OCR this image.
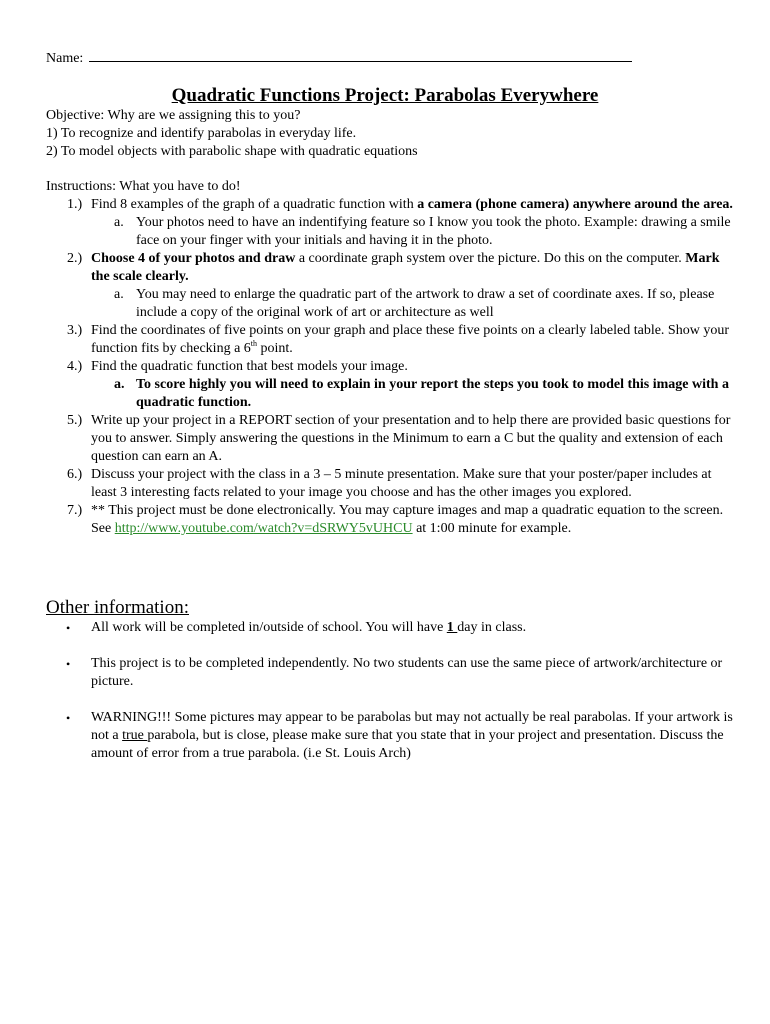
Name:
Quadratic Functions Project: Parabolas Everywhere
Objective: Why are we assigning this to you?
1) To recognize and identify parabolas in everyday life.
2) To model objects with parabolic shape with quadratic equations
Instructions: What you have to do!
1.) Find 8 examples of the graph of a quadratic function with a camera (phone camera) anywhere around the area.
a. Your photos need to have an indentifying feature so I know you took the photo. Example: drawing a smile face on your finger with your initials and having it in the photo.
2.) Choose 4 of your photos and draw a coordinate graph system over the picture. Do this on the computer. Mark the scale clearly.
a. You may need to enlarge the quadratic part of the artwork to draw a set of coordinate axes. If so, please include a copy of the original work of art or architecture as well
3.) Find the coordinates of five points on your graph and place these five points on a clearly labeled table. Show your function fits by checking a 6th point.
4.) Find the quadratic function that best models your image.
a. To score highly you will need to explain in your report the steps you took to model this image with a quadratic function.
5.) Write up your project in a REPORT section of your presentation and to help there are provided basic questions for you to answer. Simply answering the questions in the Minimum to earn a C but the quality and extension of each question can earn an A.
6.) Discuss your project with the class in a 3 – 5 minute presentation. Make sure that your poster/paper includes at least 3 interesting facts related to your image you choose and has the other images you explored.
7.) ** This project must be done electronically. You may capture images and map a quadratic equation to the screen. See http://www.youtube.com/watch?v=dSRWY5vUHCU at 1:00 minute for example.
Other information:
• All work will be completed in/outside of school. You will have 1 day in class.
• This project is to be completed independently. No two students can use the same piece of artwork/architecture or picture.
• WARNING!!! Some pictures may appear to be parabolas but may not actually be real parabolas. If your artwork is not a true parabola, but is close, please make sure that you state that in your project and presentation. Discuss the amount of error from a true parabola. (i.e St. Louis Arch)
